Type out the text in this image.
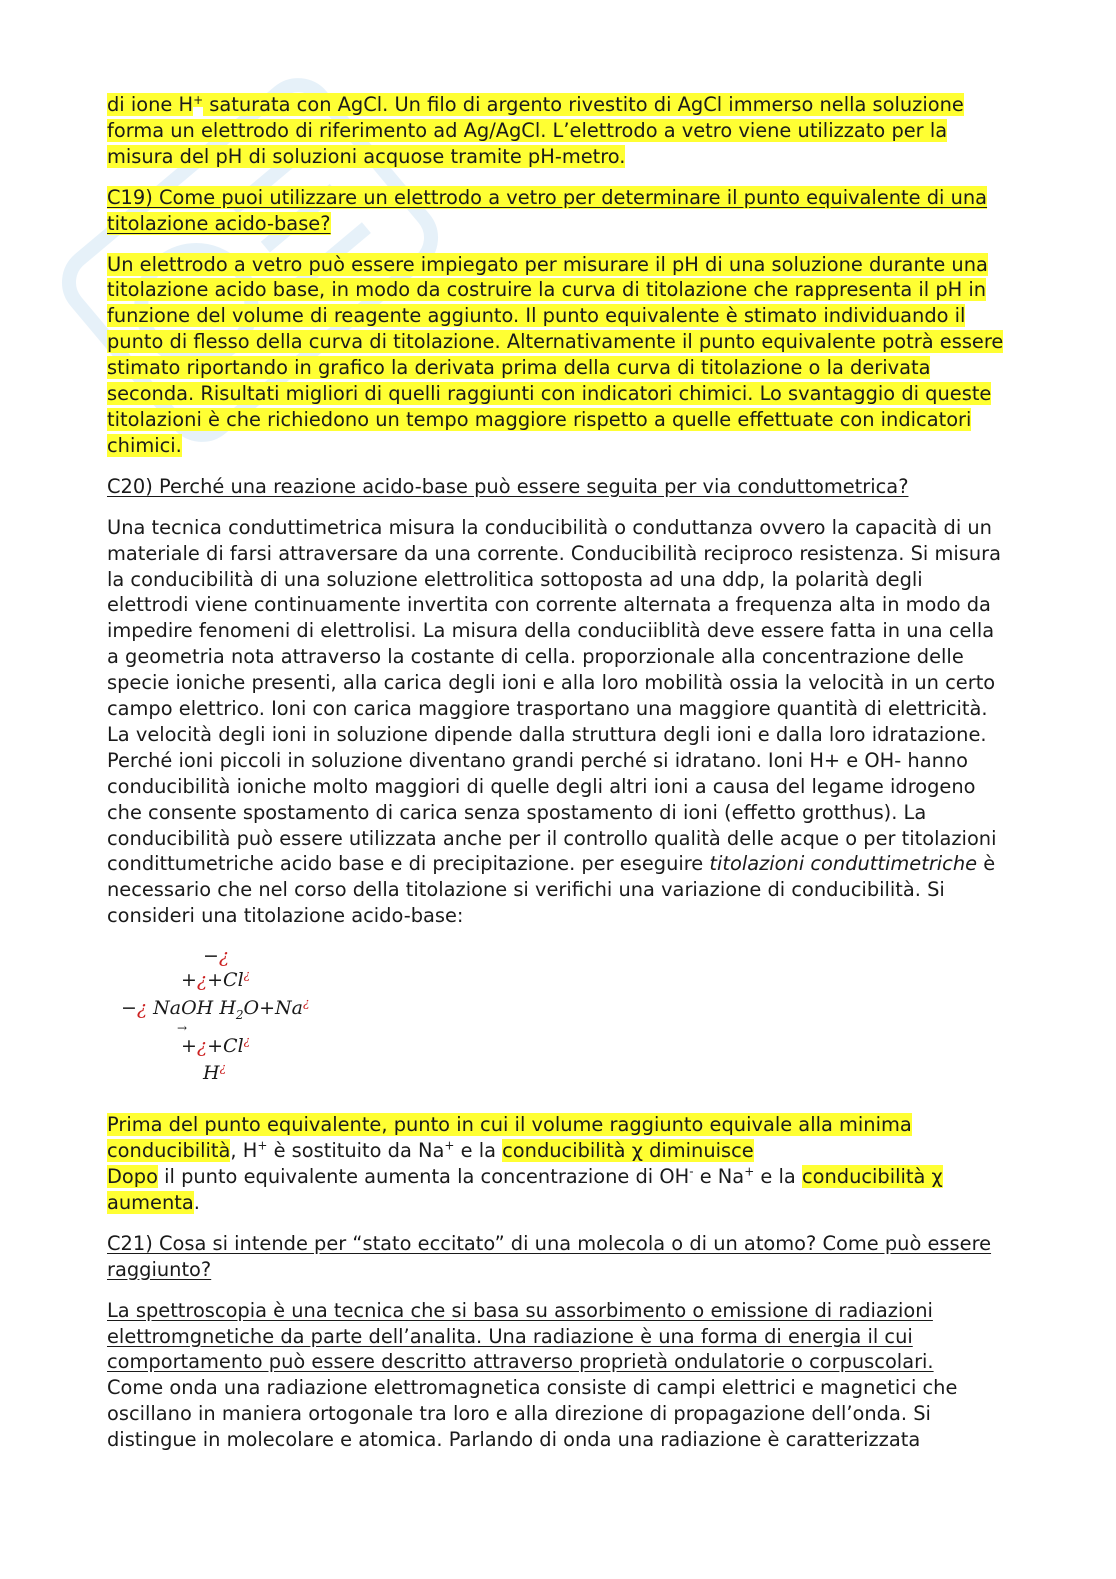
di ione H+ saturata con AgCl. Un filo di argento rivestito di AgCl immerso nella soluzione forma un elettrodo di riferimento ad Ag/AgCl. L’elettrodo a vetro viene utilizzato per la misura del pH di soluzioni acquose tramite pH-metro.

C19) Come puoi utilizzare un elettrodo a vetro per determinare il punto equivalente di una titolazione acido-base?

Un elettrodo a vetro può essere impiegato per misurare il pH di una soluzione durante una titolazione acido base, in modo da costruire la curva di titolazione che rappresenta il pH in funzione del volume di reagente aggiunto. Il punto equivalente è stimato individuando il punto di flesso della curva di titolazione. Alternativamente il punto equivalente potrà essere stimato riportando in grafico la derivata prima della curva di titolazione o la derivata seconda. Risultati migliori di quelli raggiunti con indicatori chimici. Lo svantaggio di queste titolazioni è che richiedono un tempo maggiore rispetto a quelle effettuate con indicatori chimici.

C20) Perché una reazione acido-base può essere seguita per via conduttometrica?

Una tecnica conduttimetrica misura la conducibilità o conduttanza ovvero la capacità di un materiale di farsi attraversare da una corrente. Conducibilità reciproco resistenza. Si misura la conducibilità di una soluzione elettrolitica sottoposta ad una ddp, la polarità degli elettrodi viene continuamente invertita con corrente alternata a frequenza alta in modo da impedire fenomeni di elettrolisi. La misura della conduciiblità deve essere fatta in una cella a geometria nota attraverso la costante di cella. proporzionale alla concentrazione delle specie ioniche presenti, alla carica degli ioni e alla loro mobilità ossia la velocità in un certo campo elettrico. Ioni con carica maggiore trasportano una maggiore quantità di elettricità. La velocità degli ioni in soluzione dipende dalla struttura degli ioni e dalla loro idratazione. Perché ioni piccoli in soluzione diventano grandi perché si idratano. Ioni H+ e OH- hanno conducibilità ioniche molto maggiori di quelle degli altri ioni a causa del legame idrogeno che consente spostamento di carica senza spostamento di ioni (effetto grotthus). La conducibilità può essere utilizzata anche per il controllo qualità delle acque o per titolazioni condittumetriche acido base e di precipitazione. per eseguire titolazioni conduttimetriche è necessario che nel corso della titolazione si verifichi una variazione di conducibilità. Si consideri una titolazione acido-base:

−¿
+¿+Cl¿
−¿ NaOH $H_2O+Na^¿$
→
+¿+Cl¿
H¿

Prima del punto equivalente, punto in cui il volume raggiunto equivale alla minima conducibilità, H+ è sostituito da Na+ e la conducibilità χ diminuisce
Dopo il punto equivalente aumenta la concentrazione di OH- e Na+ e la conducibilità χ aumenta.

C21) Cosa si intende per “stato eccitato” di una molecola o di un atomo? Come può essere raggiunto?

La spettroscopia è una tecnica che si basa su assorbimento o emissione di radiazioni elettromgnetiche da parte dell’analita. Una radiazione è una forma di energia il cui comportamento può essere descritto attraverso proprietà ondulatorie o corpuscolari.
Come onda una radiazione elettromagnetica consiste di campi elettrici e magnetici che oscillano in maniera ortogonale tra loro e alla direzione di propagazione dell’onda. Si distingue in molecolare e atomica. Parlando di onda una radiazione è caratterizzata
